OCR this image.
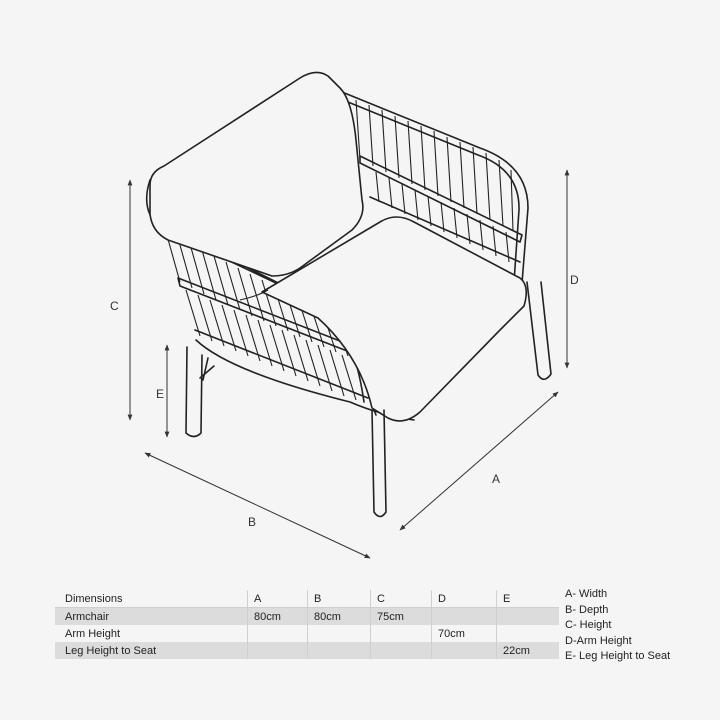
C
E
D
A
B
Dimensions	A	B	C	D	E
Armchair	80cm	80cm	75cm		
Arm Height				70cm	
Leg Height to Seat					22cm
A- Width
B- Depth
C- Height
D-Arm Height
E- Leg Height to Seat
